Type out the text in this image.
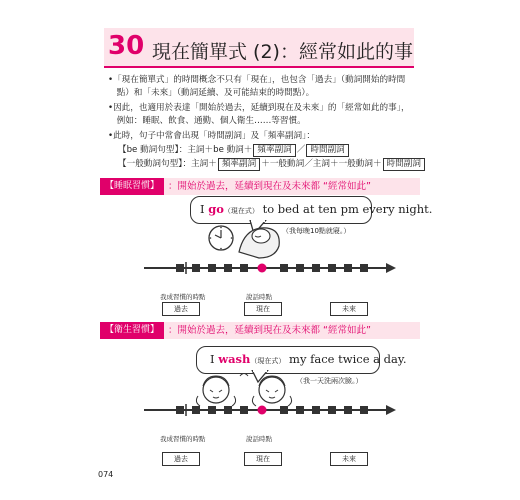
30 現在簡單式 (2)：經常如此的事
•「現在簡單式」的時間概念不只有「現在」，也包含「過去」（動詞開始的時間
　點）和「未來」（動詞延續、及可能結束的時間點）。
•因此，也適用於表達「開始於過去，延續到現在及未來」的「經常如此的事」，
　例如：睡眠、飲食、通勤、個人衛生……等習慣。
•此時，句子中常會出現「時間副詞」及「頻率副詞」：
【be 動詞句型】：主詞＋be 動詞＋ 頻率副詞 ／ 時間副詞
【一般動詞句型】：主詞＋ 頻率副詞 ＋一般動詞／主詞＋一般動詞＋ 時間副詞
【睡眠習慣】 ：開始於過去，延續到現在及未來都 “經常如此”
I go（現在式） to bed at ten pm every night.
（我每晚10點就寢。）
我成習慣的時點	說話時點
過去	現在	未來
【衛生習慣】 ：開始於過去，延續到現在及未來都 “經常如此”
I wash（現在式） my face twice a day.
（我一天洗兩次臉。）
我成習慣的時點	說話時點
過去	現在	未來
074
